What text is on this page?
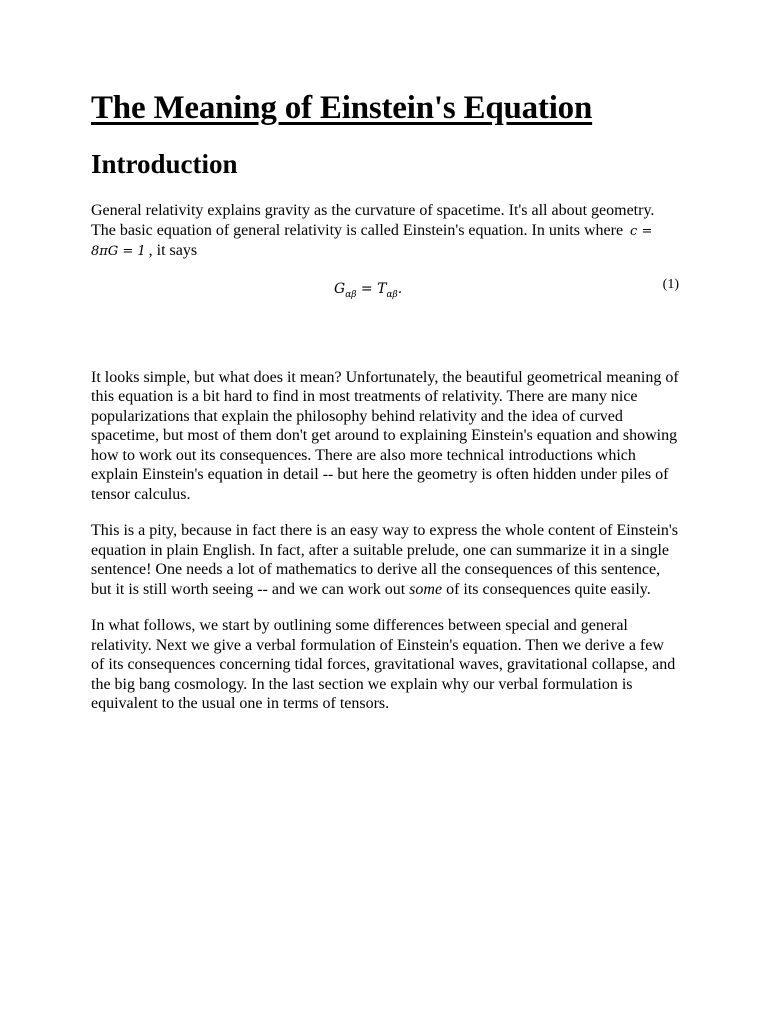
The Meaning of Einstein's Equation
Introduction

General relativity explains gravity as the curvature of spacetime. It's all about geometry. The basic equation of general relativity is called Einstein's equation. In units where c = 8πG = 1 , it says

$G_{\alpha\beta} = T_{\alpha\beta}$.	(1)

It looks simple, but what does it mean? Unfortunately, the beautiful geometrical meaning of this equation is a bit hard to find in most treatments of relativity. There are many nice popularizations that explain the philosophy behind relativity and the idea of curved spacetime, but most of them don't get around to explaining Einstein's equation and showing how to work out its consequences. There are also more technical introductions which explain Einstein's equation in detail -- but here the geometry is often hidden under piles of tensor calculus.

This is a pity, because in fact there is an easy way to express the whole content of Einstein's equation in plain English. In fact, after a suitable prelude, one can summarize it in a single sentence! One needs a lot of mathematics to derive all the consequences of this sentence, but it is still worth seeing -- and we can work out some of its consequences quite easily.

In what follows, we start by outlining some differences between special and general relativity. Next we give a verbal formulation of Einstein's equation. Then we derive a few of its consequences concerning tidal forces, gravitational waves, gravitational collapse, and the big bang cosmology. In the last section we explain why our verbal formulation is equivalent to the usual one in terms of tensors.
